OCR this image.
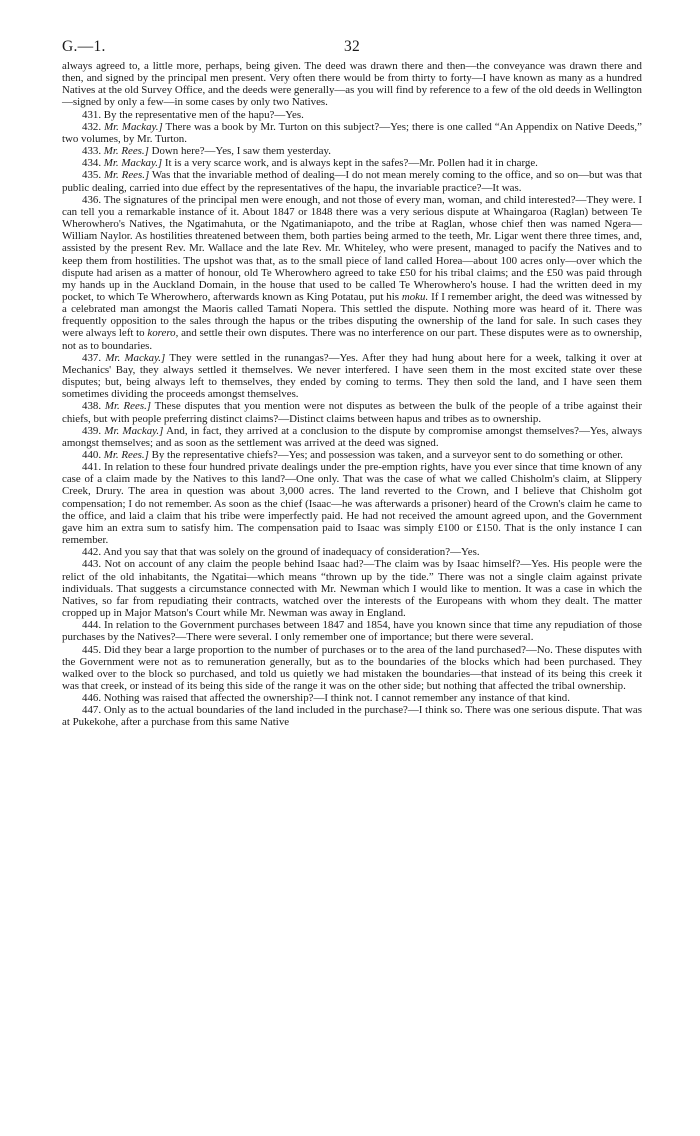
G.—1.	32

always agreed to, a little more, perhaps, being given. The deed was drawn there and then—the conveyance was drawn there and then, and signed by the principal men present. Very often there would be from thirty to forty—I have known as many as a hundred Natives at the old Survey Office, and the deeds were generally—as you will find by reference to a few of the old deeds in Wellington—signed by only a few—in some cases by only two Natives.

431. By the representative men of the hapu?—Yes.

432. Mr. Mackay.] There was a book by Mr. Turton on this subject?—Yes; there is one called “An Appendix on Native Deeds,” two volumes, by Mr. Turton.

433. Mr. Rees.] Down here?—Yes, I saw them yesterday.

434. Mr. Mackay.] It is a very scarce work, and is always kept in the safes?—Mr. Pollen had it in charge.

435. Mr. Rees.] Was that the invariable method of dealing—I do not mean merely coming to the office, and so on—but was that public dealing, carried into due effect by the representatives of the hapu, the invariable practice?—It was.

436. The signatures of the principal men were enough, and not those of every man, woman, and child interested?—They were. I can tell you a remarkable instance of it. About 1847 or 1848 there was a very serious dispute at Whaingaroa (Raglan) between Te Wherowhero's Natives, the Ngatimahuta, or the Ngatimaniapoto, and the tribe at Raglan, whose chief then was named Ngera—William Naylor. As hostilities threatened between them, both parties being armed to the teeth, Mr. Ligar went there three times, and, assisted by the present Rev. Mr. Wallace and the late Rev. Mr. Whiteley, who were present, managed to pacify the Natives and to keep them from hostilities. The upshot was that, as to the small piece of land called Horea—about 100 acres only—over which the dispute had arisen as a matter of honour, old Te Wherowhero agreed to take £50 for his tribal claims; and the £50 was paid through my hands up in the Auckland Domain, in the house that used to be called Te Wherowhero's house. I had the written deed in my pocket, to which Te Wherowhero, afterwards known as King Potatau, put his moku. If I remember aright, the deed was witnessed by a celebrated man amongst the Maoris called Tamati Nopera. This settled the dispute. Nothing more was heard of it. There was frequently opposition to the sales through the hapus or the tribes disputing the ownership of the land for sale. In such cases they were always left to korero, and settle their own disputes. There was no interference on our part. These disputes were as to ownership, not as to boundaries.

437. Mr. Mackay.] They were settled in the runangas?—Yes. After they had hung about here for a week, talking it over at Mechanics' Bay, they always settled it themselves. We never interfered. I have seen them in the most excited state over these disputes; but, being always left to themselves, they ended by coming to terms. They then sold the land, and I have seen them sometimes dividing the proceeds amongst themselves.

438. Mr. Rees.] These disputes that you mention were not disputes as between the bulk of the people of a tribe against their chiefs, but with people preferring distinct claims?—Distinct claims between hapus and tribes as to ownership.

439. Mr. Mackay.] And, in fact, they arrived at a conclusion to the dispute by compromise amongst themselves?—Yes, always amongst themselves; and as soon as the settlement was arrived at the deed was signed.

440. Mr. Rees.] By the representative chiefs?—Yes; and possession was taken, and a surveyor sent to do something or other.

441. In relation to these four hundred private dealings under the pre-emption rights, have you ever since that time known of any case of a claim made by the Natives to this land?—One only. That was the case of what we called Chisholm's claim, at Slippery Creek, Drury. The area in question was about 3,000 acres. The land reverted to the Crown, and I believe that Chisholm got compensation; I do not remember. As soon as the chief (Isaac—he was afterwards a prisoner) heard of the Crown's claim he came to the office, and laid a claim that his tribe were imperfectly paid. He had not received the amount agreed upon, and the Government gave him an extra sum to satisfy him. The compensation paid to Isaac was simply £100 or £150. That is the only instance I can remember.

442. And you say that that was solely on the ground of inadequacy of consideration?—Yes.

443. Not on account of any claim the people behind Isaac had?—The claim was by Isaac himself?—Yes. His people were the relict of the old inhabitants, the Ngatitai—which means “thrown up by the tide.” There was not a single claim against private individuals. That suggests a circumstance connected with Mr. Newman which I would like to mention. It was a case in which the Natives, so far from repudiating their contracts, watched over the interests of the Europeans with whom they dealt. The matter cropped up in Major Matson's Court while Mr. Newman was away in England.

444. In relation to the Government purchases between 1847 and 1854, have you known since that time any repudiation of those purchases by the Natives?—There were several. I only remember one of importance; but there were several.

445. Did they bear a large proportion to the number of purchases or to the area of the land purchased?—No. These disputes with the Government were not as to remuneration generally, but as to the boundaries of the blocks which had been purchased. They walked over to the block so purchased, and told us quietly we had mistaken the boundaries—that instead of its being this creek it was that creek, or instead of its being this side of the range it was on the other side; but nothing that affected the tribal ownership.

446. Nothing was raised that affected the ownership?—I think not. I cannot remember any instance of that kind.

447. Only as to the actual boundaries of the land included in the purchase?—I think so. There was one serious dispute. That was at Pukekohe, after a purchase from this same Native
